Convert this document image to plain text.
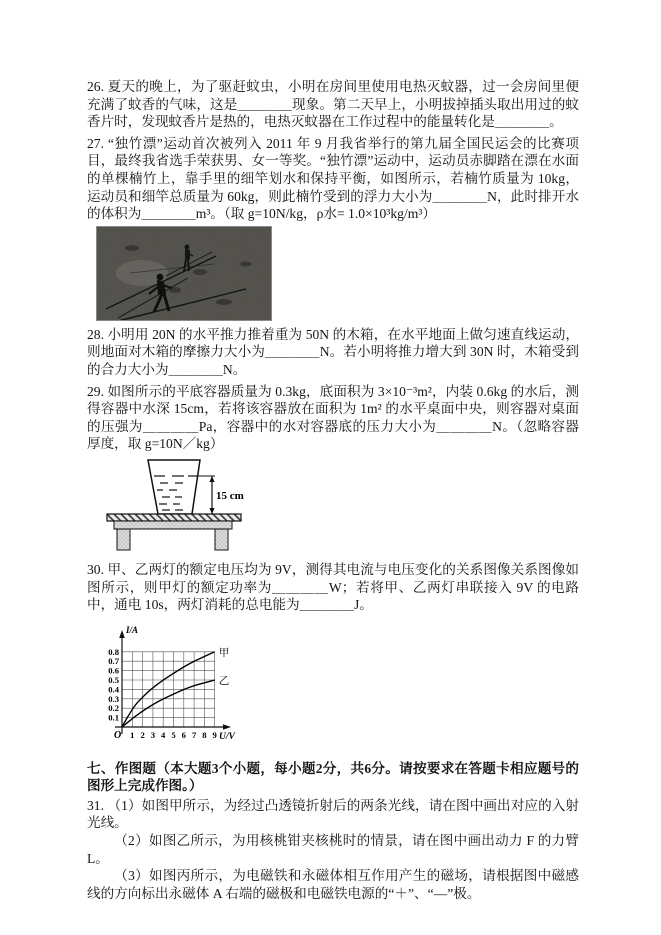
26. 夏天的晚上，为了驱赶蚊虫，小明在房间里使用电热灭蚊器，过一会房间里便充满了蚊香的气味，这是＿＿＿＿现象。第二天早上，小明拔掉插头取出用过的蚊香片时，发现蚊香片是热的，电热灭蚊器在工作过程中的能量转化是＿＿＿＿。

27. “独竹漂”运动首次被列入 2011 年 9 月我省举行的第九届全国民运会的比赛项目，最终我省选手荣获男、女一等奖。“独竹漂”运动中，运动员赤脚踏在漂在水面的单棵楠竹上，靠手里的细竿划水和保持平衡，如图所示，若楠竹质量为 10kg，运动员和细竿总质量为 60kg，则此楠竹受到的浮力大小为＿＿＿＿N，此时排开水的体积为＿＿＿＿m³。（取 g=10N/kg，ρ水= 1.0×10³kg/m³）

28. 小明用 20N 的水平推力推着重为 50N 的木箱，在水平地面上做匀速直线运动，则地面对木箱的摩擦力大小为＿＿＿＿N。若小明将推力增大到 30N 时，木箱受到的合力大小为＿＿＿＿N。

29. 如图所示的平底容器质量为 0.3kg，底面积为 3×10⁻³m²，内装 0.6kg 的水后，测得容器中水深 15cm，若将该容器放在面积为 1m² 的水平桌面中央，则容器对桌面的压强为＿＿＿＿Pa，容器中的水对容器底的压力大小为＿＿＿＿N。（忽略容器厚度，取 g=10N／kg）

15 cm

30. 甲、乙两灯的额定电压均为 9V，测得其电流与电压变化的关系图像关系图像如图所示，则甲灯的额定功率为＿＿＿＿W；若将甲、乙两灯串联接入 9V 的电路中，通电 10s，两灯消耗的总电能为＿＿＿＿J。

0.1
0.2
0.3
0.4
0.5
0.6
0.7
0.8
1 2 3 4 5 6 7 8 9
O
I/A
U/V
甲
乙

七、作图题（本大题3个小题，每小题2分，共6分。请按要求在答题卡相应题号的图形上完成作图。）

31. （1）如图甲所示，为经过凸透镜折射后的两条光线，请在图中画出对应的入射光线。

（2）如图乙所示，为用核桃钳夹核桃时的情景，请在图中画出动力 F 的力臂 L。

（3）如图丙所示，为电磁铁和永磁体相互作用产生的磁场，请根据图中磁感线的方向标出永磁体 A 右端的磁极和电磁铁电源的“＋”、“—”极。
